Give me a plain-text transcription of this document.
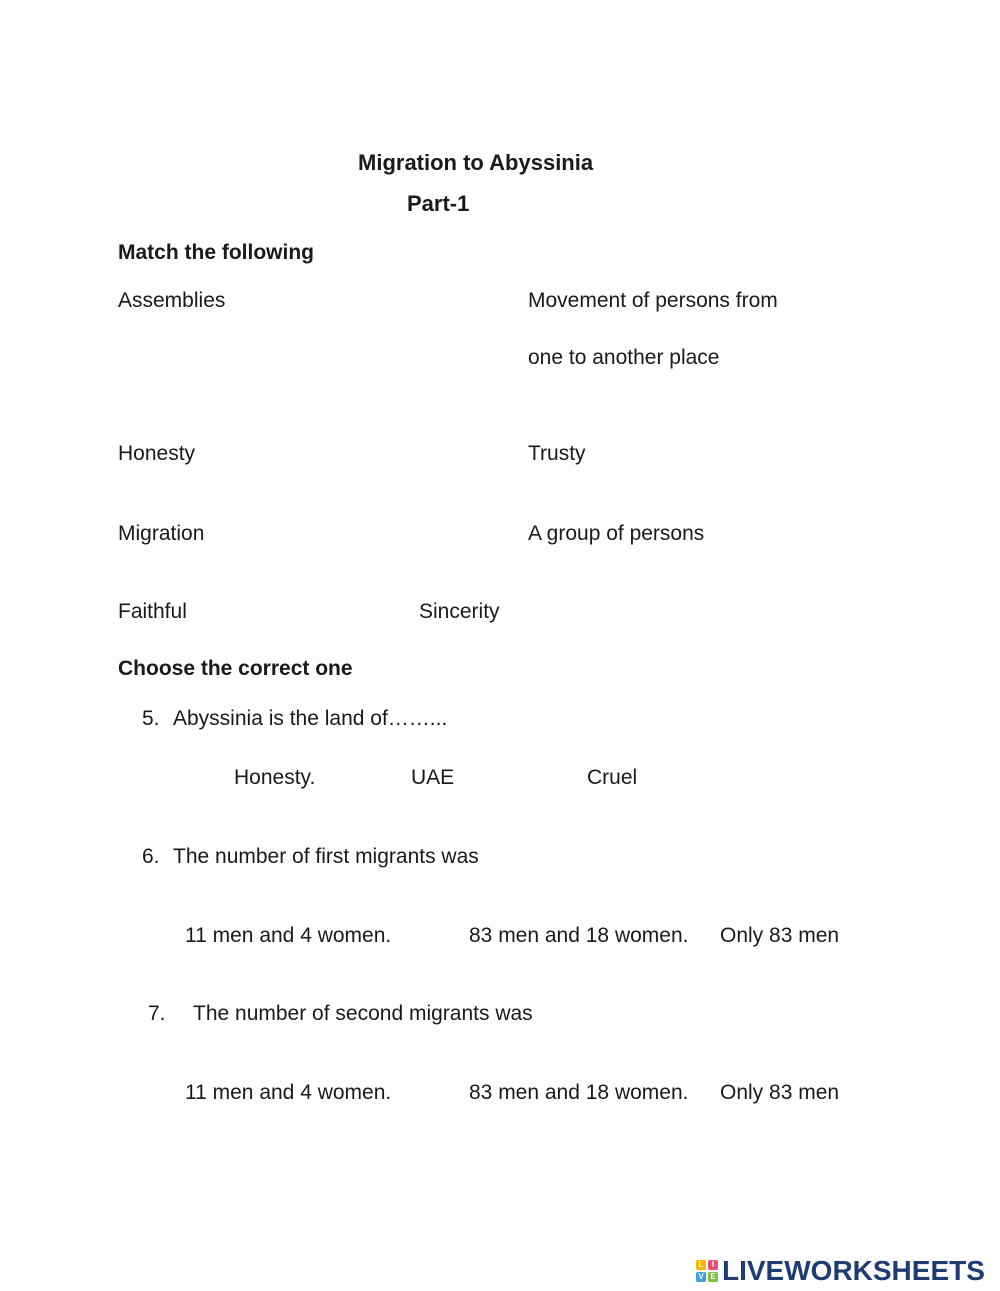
Migration to Abyssinia
Part-1
Match the following
Assemblies	Movement of persons from
one to another place
Honesty	Trusty
Migration	A group of persons
Faithful	Sincerity
Choose the correct one
5. Abyssinia is the land of……...
Honesty.	UAE	Cruel
6. The number of first migrants was
11 men and 4 women.	83 men and 18 women. Only 83 men
7. The number of second migrants was
11 men and 4 women.	83 men and 18 women. Only 83 men
L	I
V E LIVEWORKSHEETS
